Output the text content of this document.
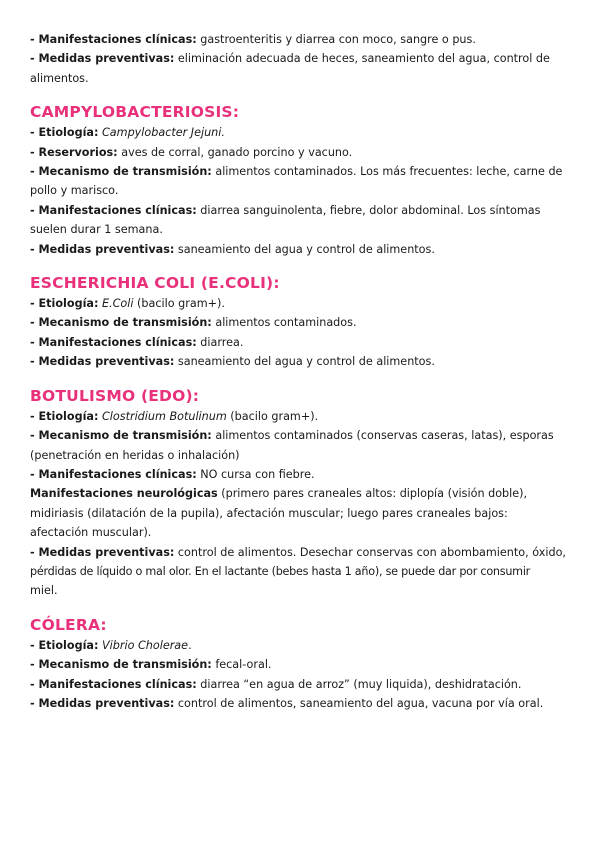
- Manifestaciones clínicas: gastroenteritis y diarrea con moco, sangre o pus.

- Medidas preventivas: eliminación adecuada de heces, saneamiento del agua, control de

alimentos.

CAMPYLOBACTERIOSIS:

- Etiología: Campylobacter Jejuni.

- Reservorios: aves de corral, ganado porcino y vacuno.

- Mecanismo de transmisión: alimentos contaminados. Los más frecuentes: leche, carne de

pollo y marisco.

- Manifestaciones clínicas: diarrea sanguinolenta, fiebre, dolor abdominal. Los síntomas

suelen durar 1 semana.

- Medidas preventivas: saneamiento del agua y control de alimentos.

ESCHERICHIA COLI (E.COLI):

- Etiología: E.Coli (bacilo gram+).

- Mecanismo de transmisión: alimentos contaminados.

- Manifestaciones clínicas: diarrea.

- Medidas preventivas: saneamiento del agua y control de alimentos.

BOTULISMO (EDO):

- Etiología: Clostridium Botulinum (bacilo gram+).

- Mecanismo de transmisión: alimentos contaminados (conservas caseras, latas), esporas

(penetración en heridas o inhalación)

- Manifestaciones clínicas: NO cursa con fiebre.

Manifestaciones neurológicas (primero pares craneales altos: diplopía (visión doble),

midiriasis (dilatación de la pupila), afectación muscular; luego pares craneales bajos:

afectación muscular).

- Medidas preventivas: control de alimentos. Desechar conservas con abombamiento, óxido,

pérdidas de líquido o mal olor. En el lactante (bebes hasta 1 año), se puede dar por consumir

miel.

CÓLERA:

- Etiología: Vibrio Cholerae.

- Mecanismo de transmisión: fecal-oral.

- Manifestaciones clínicas: diarrea “en agua de arroz” (muy liquida), deshidratación.

- Medidas preventivas: control de alimentos, saneamiento del agua, vacuna por vía oral.
